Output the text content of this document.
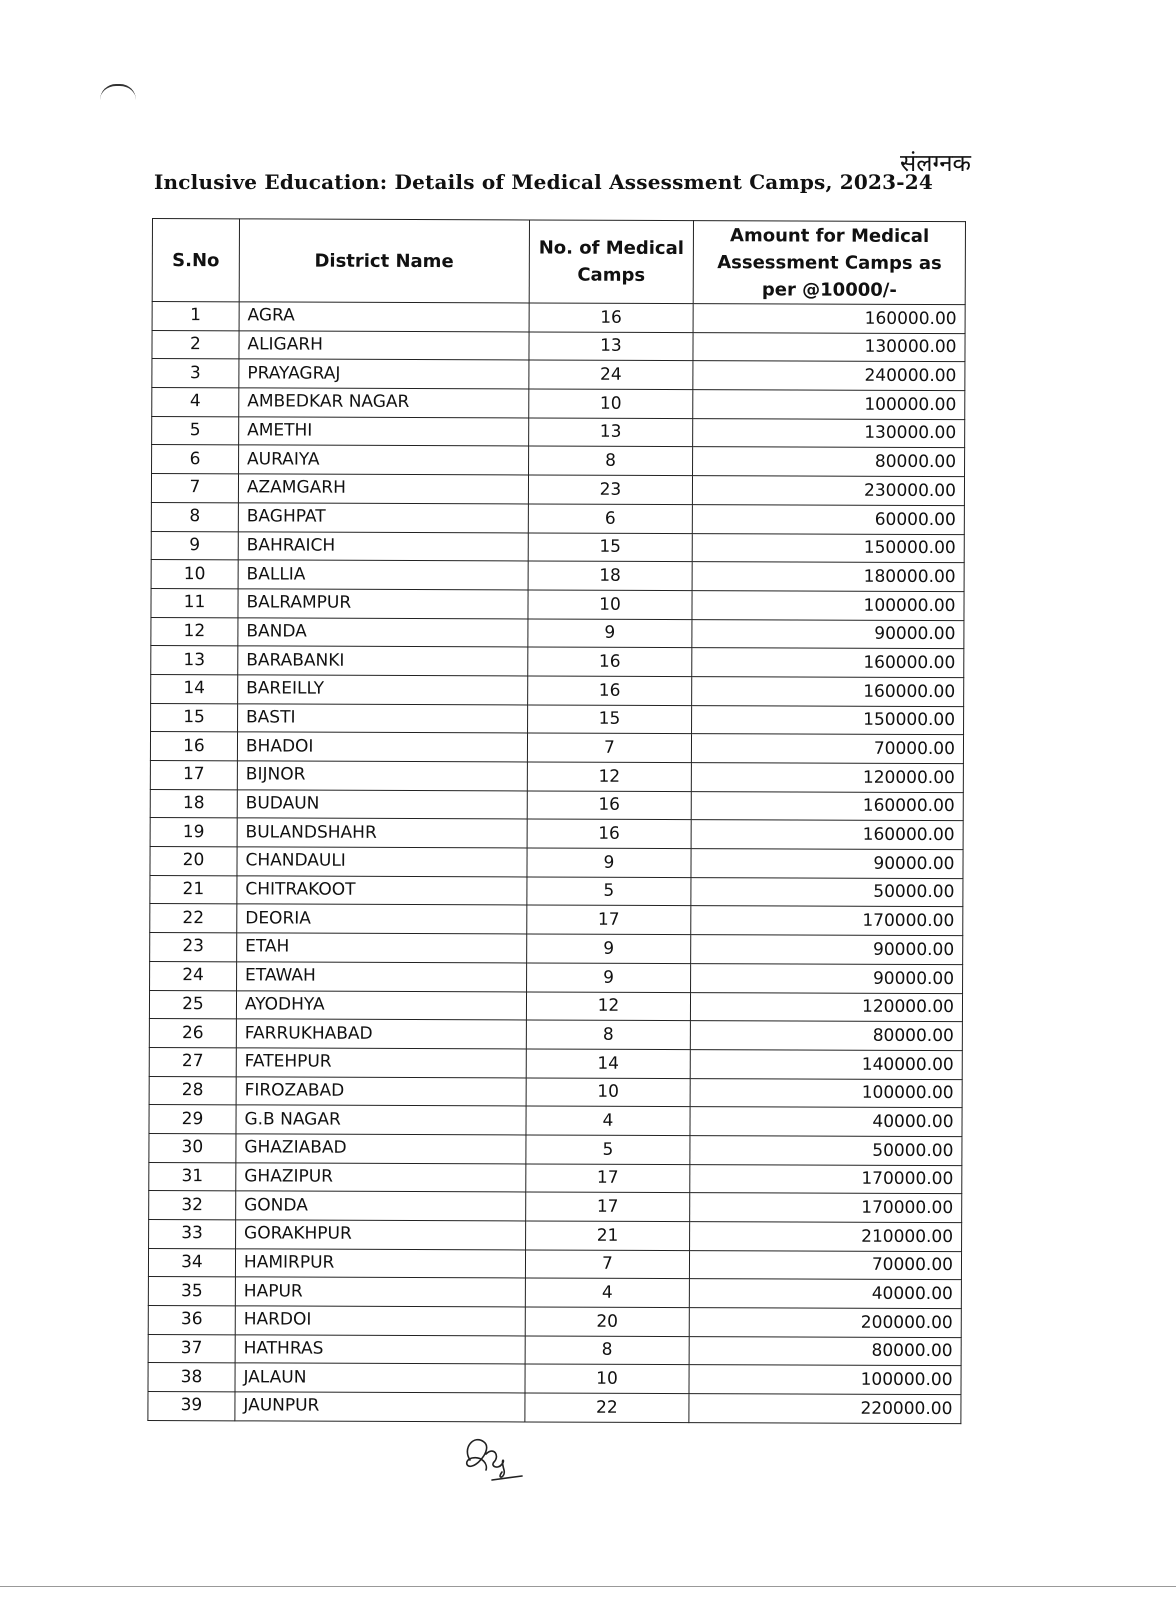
संलग्नक
Inclusive Education: Details of Medical Assessment Camps, 2023-24
S.No	District Name	No. of Medical Camps	Amount for Medical Assessment Camps as per @10000/-
1	AGRA	16	160000.00
2	ALIGARH	13	130000.00
3	PRAYAGRAJ	24	240000.00
4	AMBEDKAR NAGAR	10	100000.00
5	AMETHI	13	130000.00
6	AURAIYA	8	80000.00
7	AZAMGARH	23	230000.00
8	BAGHPAT	6	60000.00
9	BAHRAICH	15	150000.00
10	BALLIA	18	180000.00
11	BALRAMPUR	10	100000.00
12	BANDA	9	90000.00
13	BARABANKI	16	160000.00
14	BAREILLY	16	160000.00
15	BASTI	15	150000.00
16	BHADOI	7	70000.00
17	BIJNOR	12	120000.00
18	BUDAUN	16	160000.00
19	BULANDSHAHR	16	160000.00
20	CHANDAULI	9	90000.00
21	CHITRAKOOT	5	50000.00
22	DEORIA	17	170000.00
23	ETAH	9	90000.00
24	ETAWAH	9	90000.00
25	AYODHYA	12	120000.00
26	FARRUKHABAD	8	80000.00
27	FATEHPUR	14	140000.00
28	FIROZABAD	10	100000.00
29	G.B NAGAR	4	40000.00
30	GHAZIABAD	5	50000.00
31	GHAZIPUR	17	170000.00
32	GONDA	17	170000.00
33	GORAKHPUR	21	210000.00
34	HAMIRPUR	7	70000.00
35	HAPUR	4	40000.00
36	HARDOI	20	200000.00
37	HATHRAS	8	80000.00
38	JALAUN	10	100000.00
39	JAUNPUR	22	220000.00
